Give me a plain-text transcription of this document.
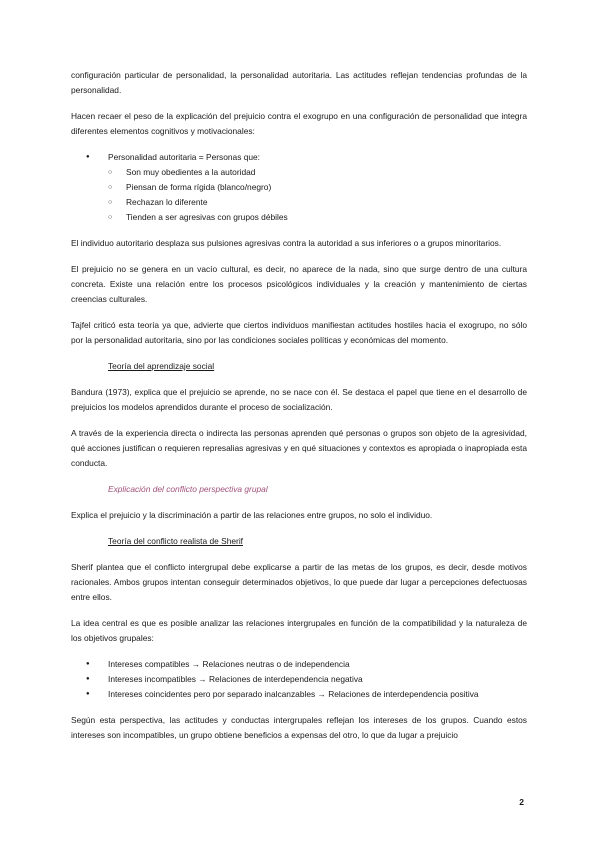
configuración particular de personalidad, la personalidad autoritaria. Las actitudes reflejan tendencias profundas de la personalidad.

Hacen recaer el peso de la explicación del prejuicio contra el exogrupo en una configuración de personalidad que integra diferentes elementos cognitivos y motivacionales:

● Personalidad autoritaria = Personas que:
○ Son muy obedientes a la autoridad
○ Piensan de forma rígida (blanco/negro)
○ Rechazan lo diferente
○ Tienden a ser agresivas con grupos débiles

El individuo autoritario desplaza sus pulsiones agresivas contra la autoridad a sus inferiores o a grupos minoritarios.

El prejuicio no se genera en un vacío cultural, es decir, no aparece de la nada, sino que surge dentro de una cultura concreta. Existe una relación entre los procesos psicológicos individuales y la creación y mantenimiento de ciertas creencias culturales.

Tajfel criticó esta teoría ya que, advierte que ciertos individuos manifiestan actitudes hostiles hacia el exogrupo, no sólo por la personalidad autoritaria, sino por las condiciones sociales políticas y económicas del momento.

Teoría del aprendizaje social

Bandura (1973), explica que el prejuicio se aprende, no se nace con él. Se destaca el papel que tiene en el desarrollo de prejuicios los modelos aprendidos durante el proceso de socialización.

A través de la experiencia directa o indirecta las personas aprenden qué personas o grupos son objeto de la agresividad, qué acciones justifican o requieren represalias agresivas y en qué situaciones y contextos es apropiada o inapropiada esta conducta.

Explicación del conflicto perspectiva grupal

Explica el prejuicio y la discriminación a partir de las relaciones entre grupos, no solo el individuo.

Teoría del conflicto realista de Sherif

Sherif plantea que el conflicto intergrupal debe explicarse a partir de las metas de los grupos, es decir, desde motivos racionales. Ambos grupos intentan conseguir determinados objetivos, lo que puede dar lugar a percepciones defectuosas entre ellos.

La idea central es que es posible analizar las relaciones intergrupales en función de la compatibilidad y la naturaleza de los objetivos grupales:

● Intereses compatibles → Relaciones neutras o de independencia
● Intereses incompatibles → Relaciones de interdependencia negativa
● Intereses coincidentes pero por separado inalcanzables → Relaciones de interdependencia positiva

Según esta perspectiva, las actitudes y conductas intergrupales reflejan los intereses de los grupos. Cuando estos intereses son incompatibles, un grupo obtiene beneficios a expensas del otro, lo que da lugar a prejuicio

2
